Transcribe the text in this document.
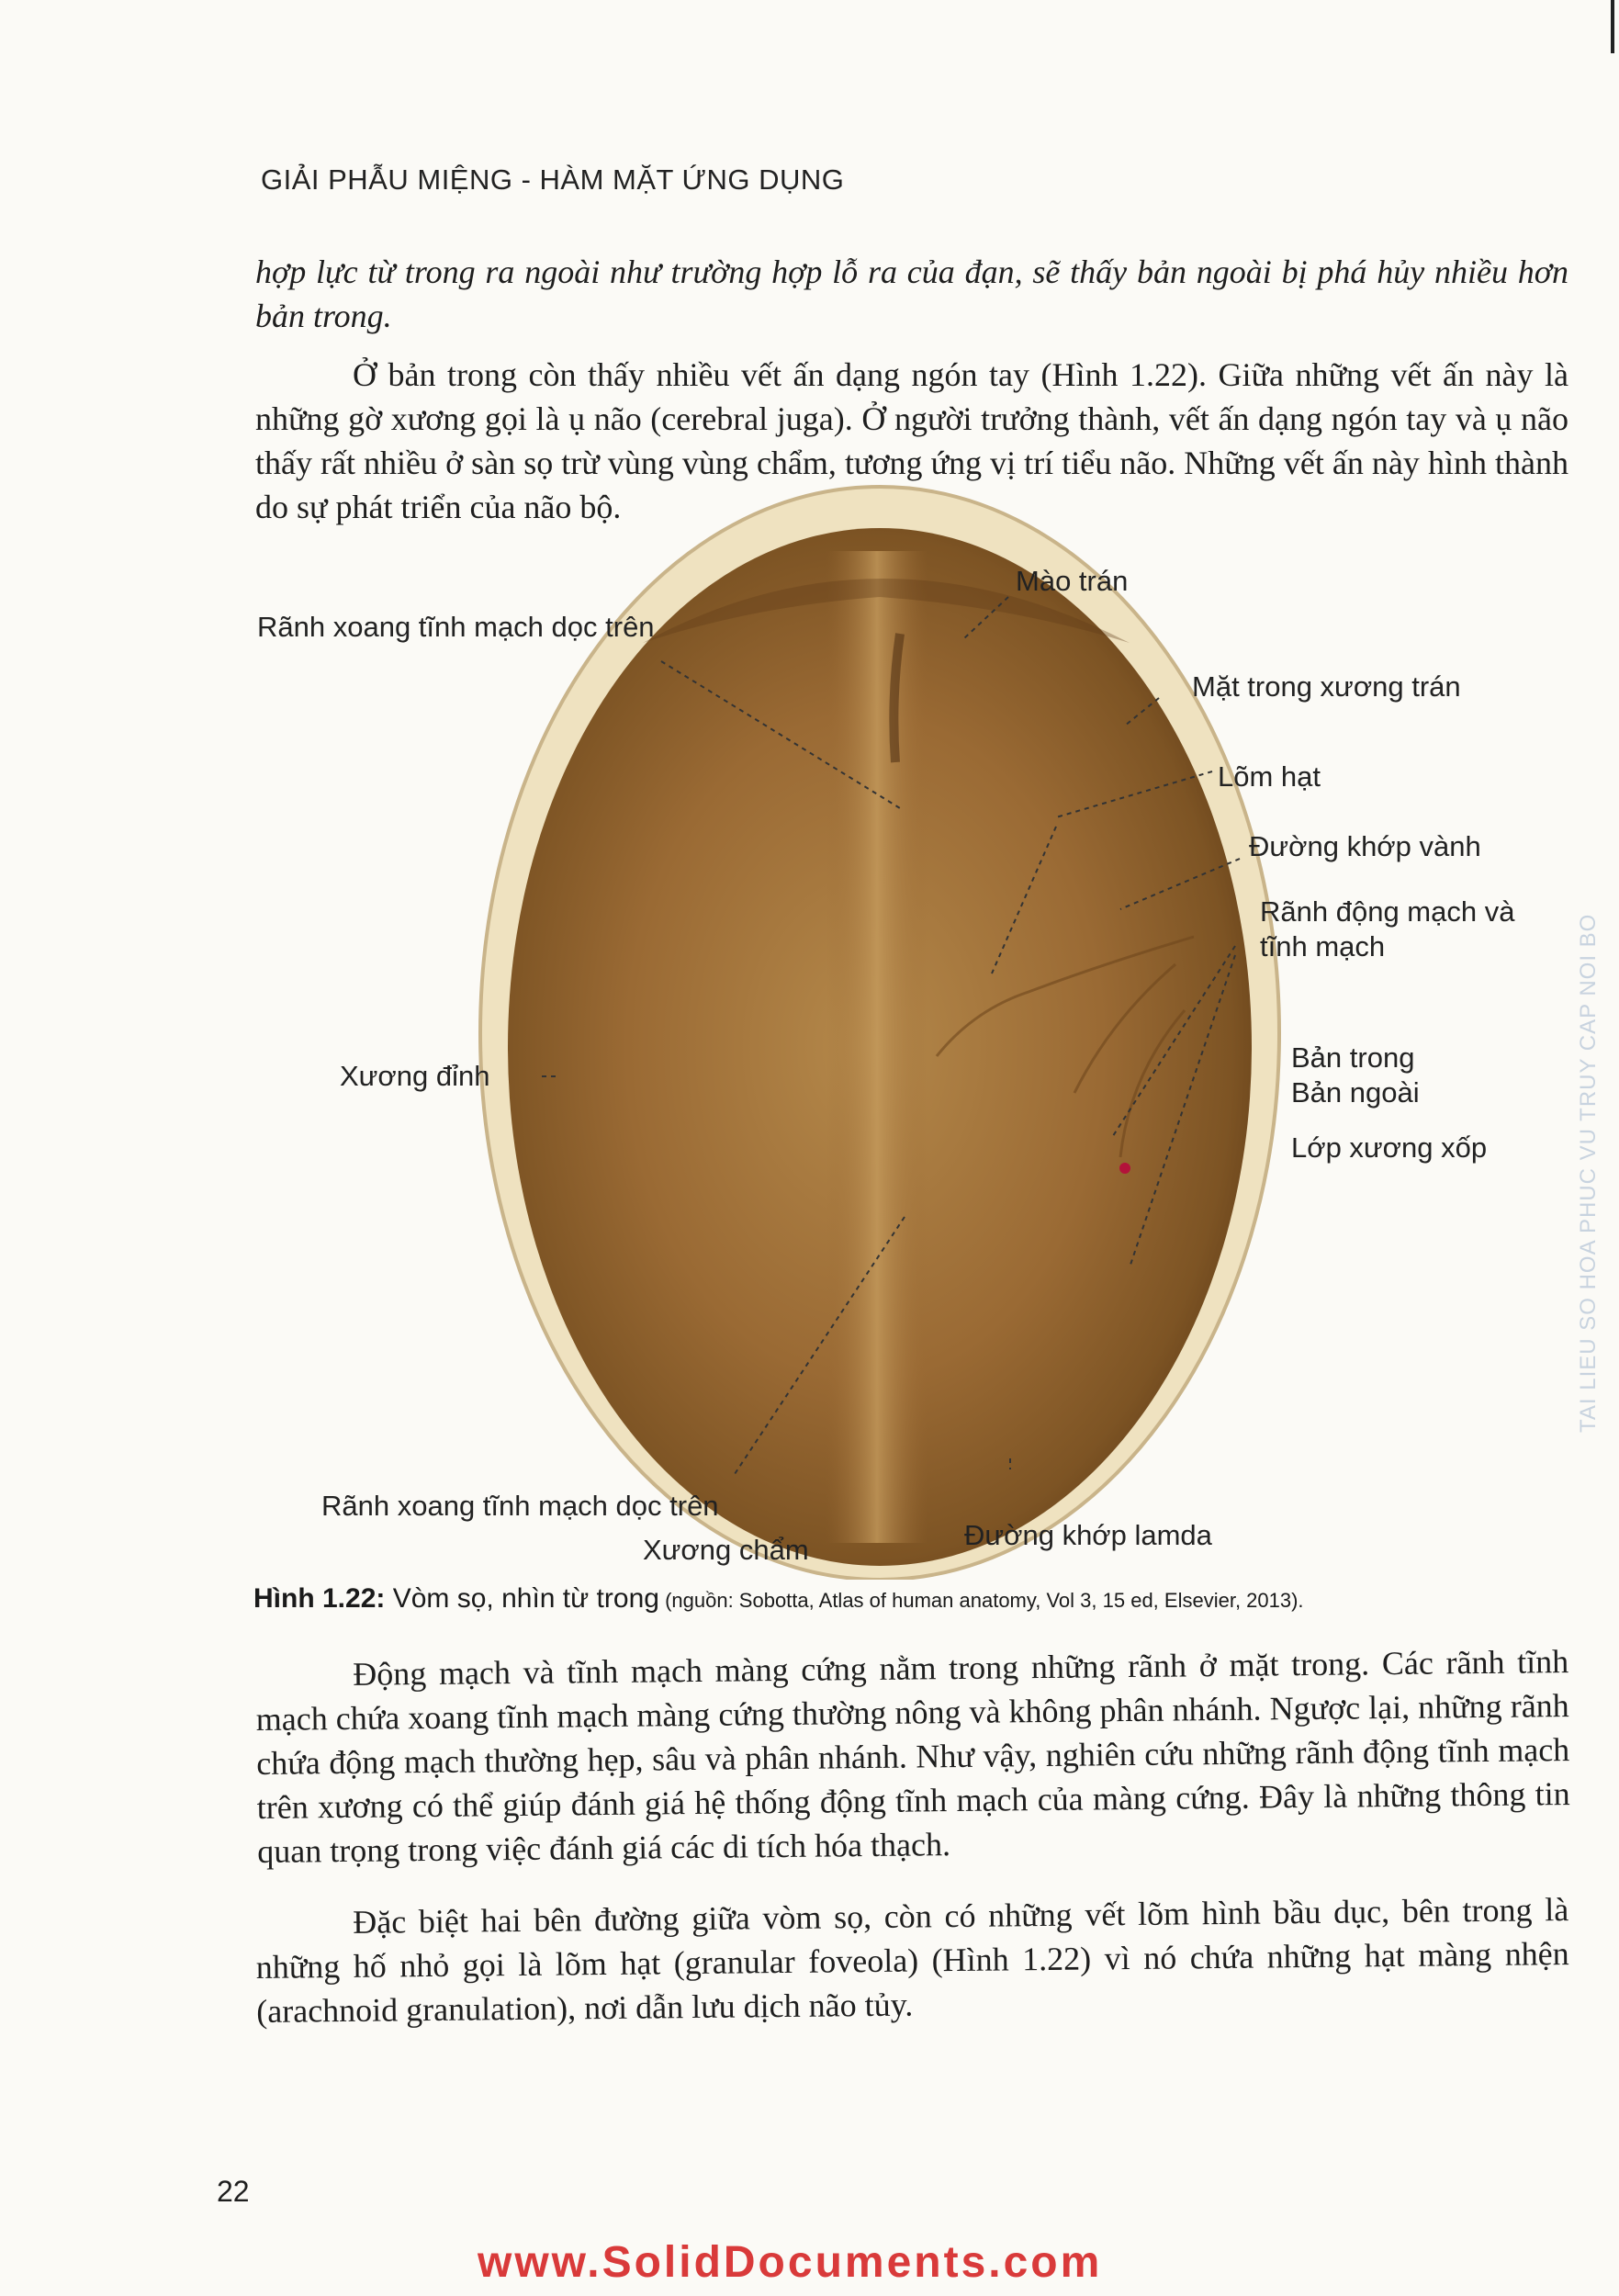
GIẢI PHẪU MIỆNG - HÀM MẶT ỨNG DỤNG

hợp lực từ trong ra ngoài như trường hợp lỗ ra của đạn, sẽ thấy bản ngoài bị phá hủy nhiều hơn bản trong.

Ở bản trong còn thấy nhiều vết ấn dạng ngón tay (Hình 1.22). Giữa những vết ấn này là những gờ xương gọi là ụ não (cerebral juga). Ở người trưởng thành, vết ấn dạng ngón tay và ụ não thấy rất nhiều ở sàn sọ trừ vùng vùng chẩm, tương ứng vị trí tiểu não. Những vết ấn này hình thành do sự phát triển của não bộ.

Mào trán
Rãnh xoang tĩnh mạch dọc trên
Mặt trong xương trán
Lõm hạt
Đường khớp vành
Rãnh động mạch và
tĩnh mạch
Xương đỉnh
Bản trong
Bản ngoài
Lớp xương xốp
Rãnh xoang tĩnh mạch dọc trên
Xương chẩm	Đường khớp lamda
Hình 1.22: Vòm sọ, nhìn từ trong (nguồn: Sobotta, Atlas of human anatomy, Vol 3, 15 ed, Elsevier, 2013).

Động mạch và tĩnh mạch màng cứng nằm trong những rãnh ở mặt trong. Các rãnh tĩnh mạch chứa xoang tĩnh mạch màng cứng thường nông và không phân nhánh. Ngược lại, những rãnh chứa động mạch thường hẹp, sâu và phân nhánh. Như vậy, nghiên cứu những rãnh động tĩnh mạch trên xương có thể giúp đánh giá hệ thống động tĩnh mạch của màng cứng. Đây là những thông tin quan trọng trong việc đánh giá các di tích hóa thạch.

Đặc biệt hai bên đường giữa vòm sọ, còn có những vết lõm hình bầu dục, bên trong là những hố nhỏ gọi là lõm hạt (granular foveola) (Hình 1.22) vì nó chứa những hạt màng nhện (arachnoid granulation), nơi dẫn lưu dịch não tủy.

22
TAI LIEU SO HOA PHUC VU TRUY CAP NOI BO
www.SolidDocuments.com
